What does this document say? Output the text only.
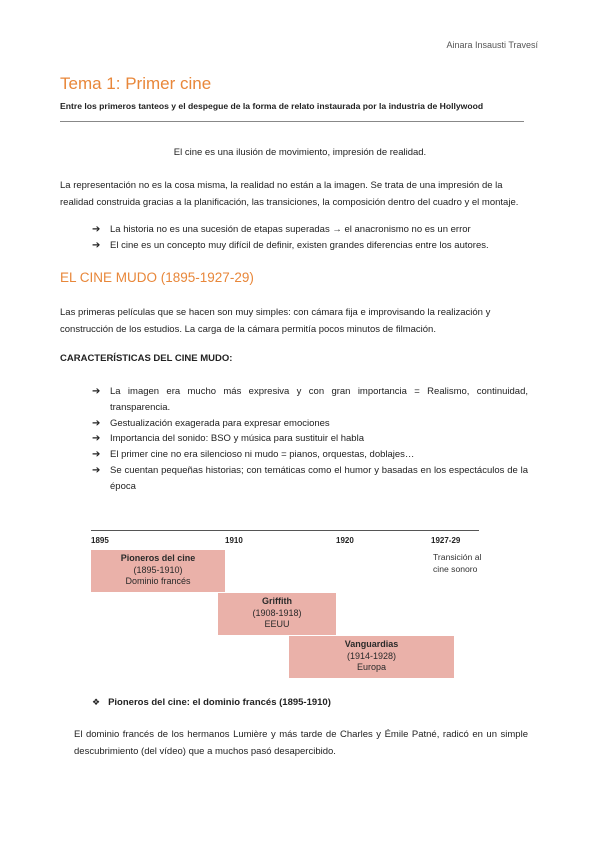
Ainara Insausti Travesí
Tema 1: Primer cine
Entre los primeros tanteos y el despegue de la forma de relato instaurada por la industria de Hollywood
El cine es una ilusión de movimiento, impresión de realidad.
La representación no es la cosa misma, la realidad no están a la imagen. Se trata de una impresión de la realidad construida gracias a la planificación, las transiciones, la composición dentro del cuadro y el montaje.
➔ La historia no es una sucesión de etapas superadas → el anacronismo no es un error
➔ El cine es un concepto muy difícil de definir, existen grandes diferencias entre los autores.
EL CINE MUDO (1895-1927-29)
Las primeras películas que se hacen son muy simples: con cámara fija e improvisando la realización y construcción de los estudios. La carga de la cámara permitía pocos minutos de filmación.
CARACTERÍSTICAS DEL CINE MUDO:
➔ La imagen era mucho más expresiva y con gran importancia = Realismo, continuidad, transparencia.
➔ Gestualización exagerada para expresar emociones
➔ Importancia del sonido: BSO y música para sustituir el habla
➔ El primer cine no era silencioso ni mudo = pianos, orquestas, doblajes…
➔ Se cuentan pequeñas historias; con temáticas como el humor y basadas en los espectáculos de la época
1895	1910	1920	1927-29
Pioneros del cine
(1895-1910)
Dominio francés
Griffith
(1908-1918)
EEUU
Vanguardias
(1914-1928)
Europa
Transición al cine sonoro
❖ Pioneros del cine: el dominio francés (1895-1910)
El dominio francés de los hermanos Lumière y más tarde de Charles y Émile Patné, radicó en un simple descubrimiento (del vídeo) que a muchos pasó desapercibido.
